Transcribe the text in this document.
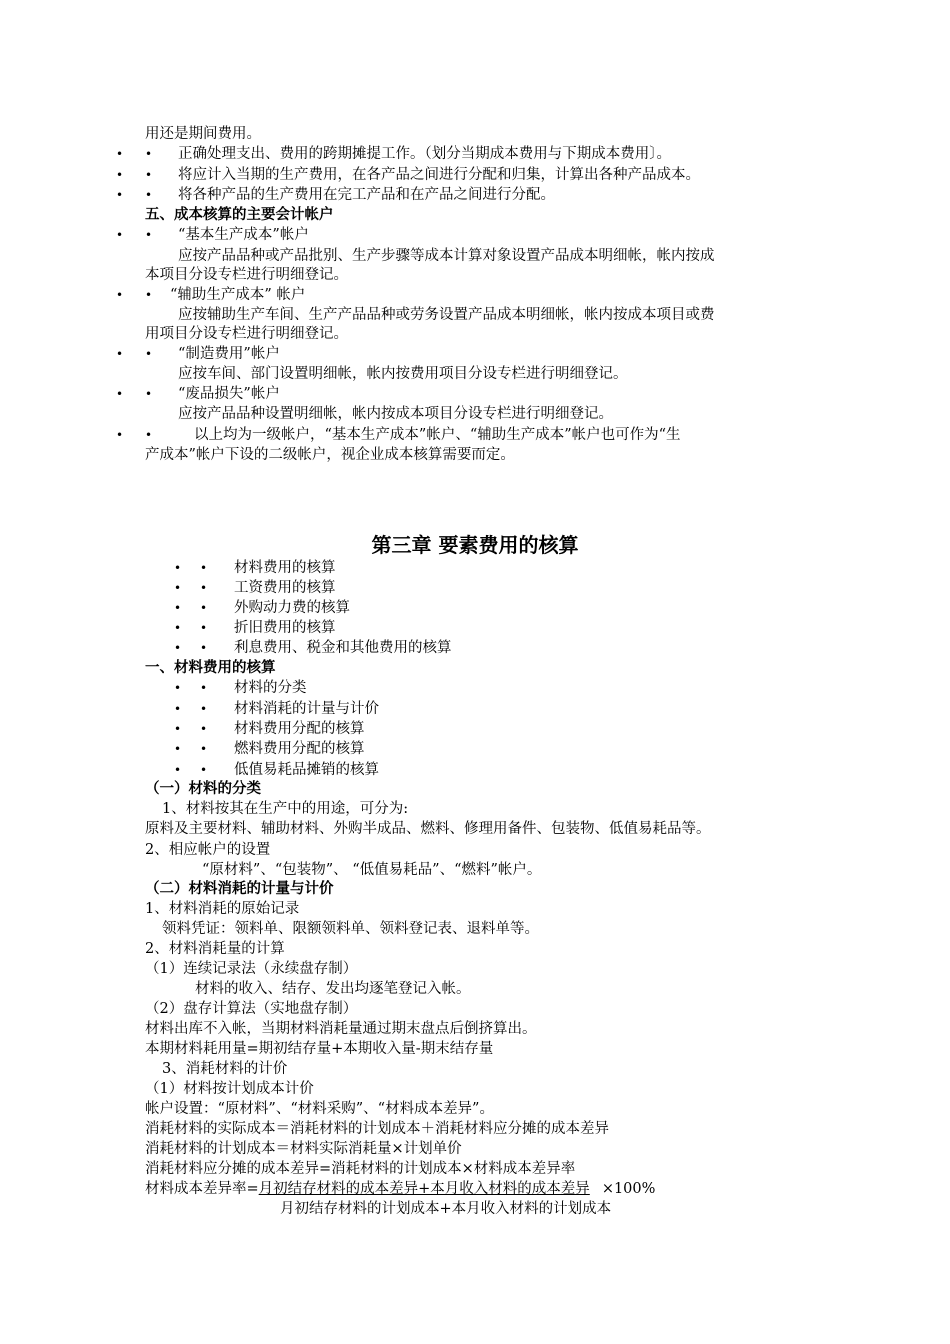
用还是期间费用。
• • 正确处理支出、费用的跨期摊提工作。（划分当期成本费用与下期成本费用〕。
• • 将应计入当期的生产费用，在各产品之间进行分配和归集，计算出各种产品成本。
• • 将各种产品的生产费用在完工产品和在产品之间进行分配。
五、成本核算的主要会计帐户
• • “基本生产成本”帐户
应按产品品种或产品批别、生产步骤等成本计算对象设置产品成本明细帐，帐内按成
本项目分设专栏进行明细登记。
• • “辅助生产成本” 帐户
应按辅助生产车间、生产产品品种或劳务设置产品成本明细帐，帐内按成本项目或费
用项目分设专栏进行明细登记。
• • “制造费用”帐户
应按车间、部门设置明细帐，帐内按费用项目分设专栏进行明细登记。
• • “废品损失”帐户
应按产品品种设置明细帐，帐内按成本项目分设专栏进行明细登记。
• •	以上均为一级帐户，“基本生产成本”帐户、“辅助生产成本”帐户也可作为“生
产成本”帐户下设的二级帐户，视企业成本核算需要而定。
第三章 要素费用的核算
• • 材料费用的核算
• • 工资费用的核算
• • 外购动力费的核算
• • 折旧费用的核算
• • 利息费用、税金和其他费用的核算
一、材料费用的核算
• • 材料的分类
• • 材料消耗的计量与计价
• • 材料费用分配的核算
• • 燃料费用分配的核算
• • 低值易耗品摊销的核算
（一）材料的分类
1、材料按其在生产中的用途，可分为:
原料及主要材料、辅助材料、外购半成品、燃料、修理用备件、包装物、低值易耗品等。
2、相应帐户的设置
“原材料”、“包装物”、 “低值易耗品”、“燃料”帐户。
（二）材料消耗的计量与计价
1、材料消耗的原始记录
领料凭证：领料单、限额领料单、领料登记表、退料单等。
2、材料消耗量的计算
（1）连续记录法（永续盘存制）
材料的收入、结存、发出均逐笔登记入帐。
（2）盘存计算法（实地盘存制）
材料出库不入帐，当期材料消耗量通过期末盘点后倒挤算出。
本期材料耗用量=期初结存量+本期收入量-期末结存量
3、消耗材料的计价
（1）材料按计划成本计价
帐户设置：“原材料”、“材料采购”、“材料成本差异”。
消耗材料的实际成本＝消耗材料的计划成本＋消耗材料应分摊的成本差异
消耗材料的计划成本＝材料实际消耗量×计划单价
消耗材料应分摊的成本差异=消耗材料的计划成本×材料成本差异率
材料成本差异率=月初结存材料的成本差异+本月收入材料的成本差异 ×100%
月初结存材料的计划成本+本月收入材料的计划成本
